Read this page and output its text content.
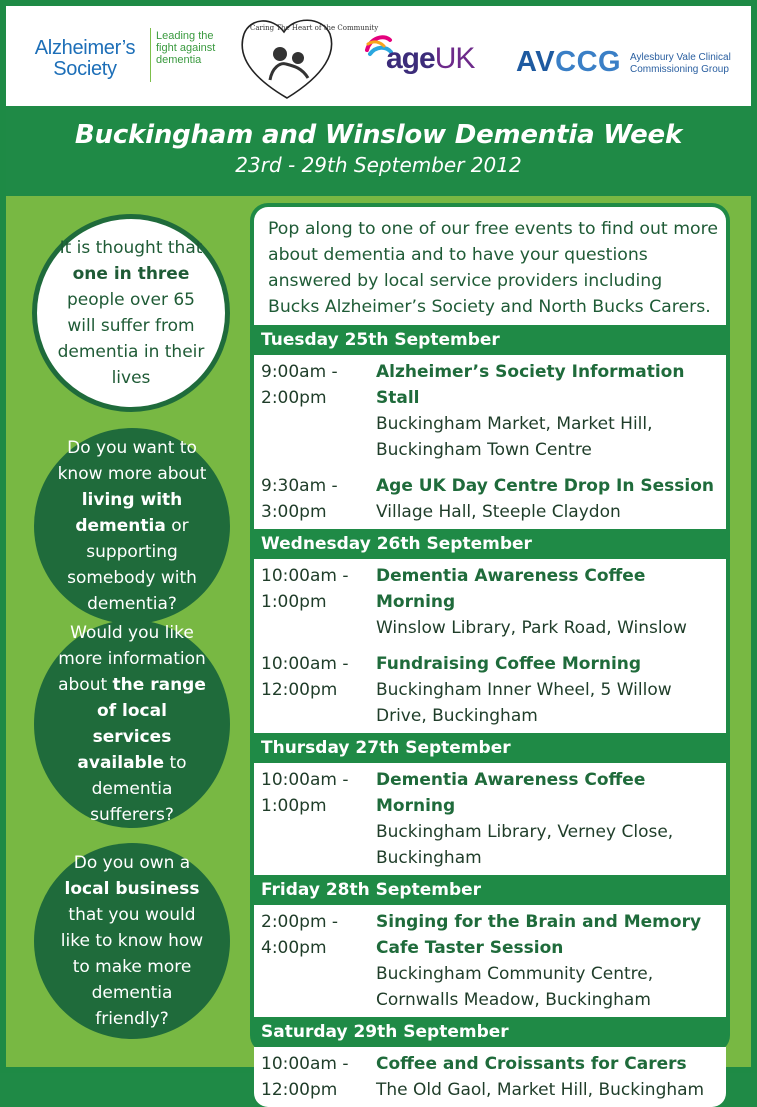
Alzheimer’s
Society
Leading the fight against dementia
Caring The Heart of the Community
ageUK AVCCG Aylesbury Vale Clinical Commissioning Group
Buckingham and Winslow Dementia Week
23rd - 29th September 2012
It is thought that one in three people over 65 will suffer from dementia in their lives
Do you want to know more about living with dementia or supporting somebody with dementia?
Would you like more information about the range of local services available to dementia sufferers?
Do you own a local business that you would like to know how to make more dementia friendly?
Pop along to one of our free events to find out more about dementia and to have your questions answered by local service providers including Bucks Alzheimer’s Society and North Bucks Carers.
Tuesday 25th September
9:00am -
2:00pm
Alzheimer’s Society Information Stall
Buckingham Market, Market Hill, Buckingham Town Centre
9:30am -
3:00pm
Age UK Day Centre Drop In Session
Village Hall, Steeple Claydon
Wednesday 26th September
10:00am -
1:00pm
Dementia Awareness Coffee Morning
Winslow Library, Park Road, Winslow
10:00am -
12:00pm
Fundraising Coffee Morning
Buckingham Inner Wheel, 5 Willow Drive, Buckingham
Thursday 27th September
10:00am -
1:00pm
Dementia Awareness Coffee Morning
Buckingham Library, Verney Close, Buckingham
Friday 28th September
2:00pm -
4:00pm
Singing for the Brain and Memory Cafe Taster Session
Buckingham Community Centre, Cornwalls Meadow, Buckingham
Saturday 29th September
10:00am -
12:00pm
Coffee and Croissants for Carers
The Old Gaol, Market Hill, Buckingham
